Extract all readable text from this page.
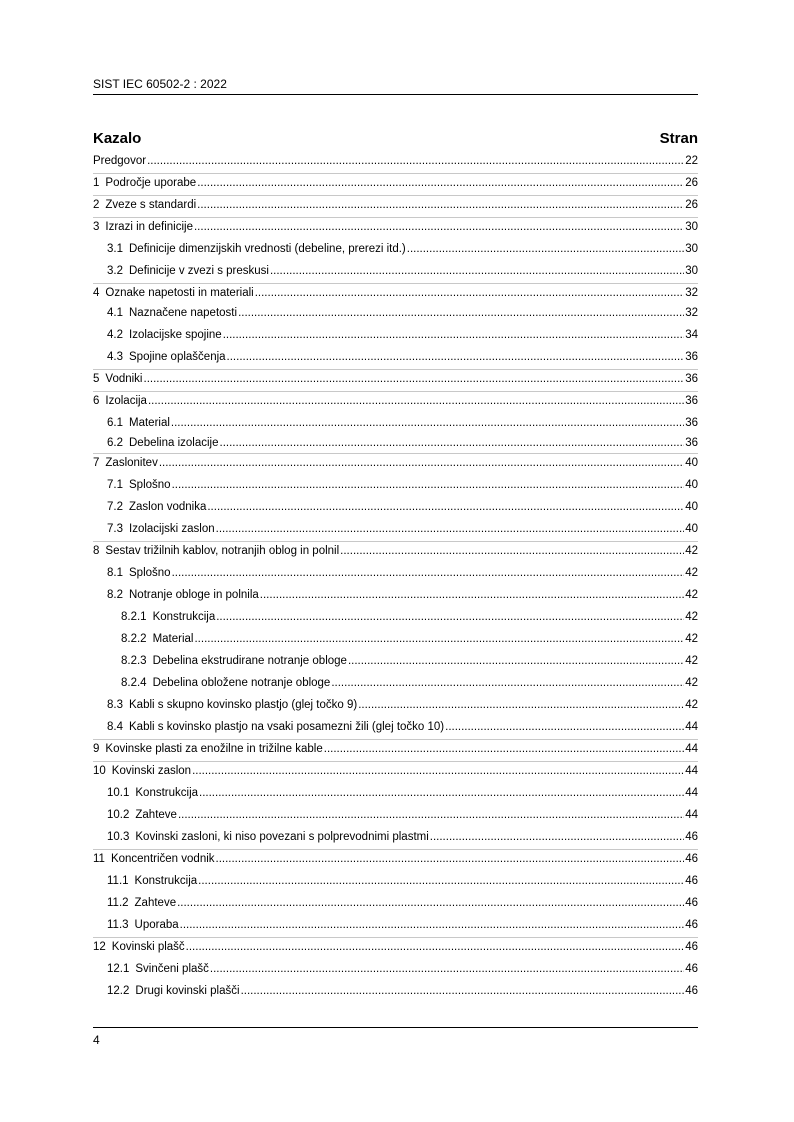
SIST IEC 60502-2 : 2022
Kazalo	Stran
Predgovor .....	22
1 Področje uporabe .....	26
2 Zveze s standardi .....	26
3 Izrazi in definicije .....	30
3.1 Definicije dimenzijskih vrednosti (debeline, prerezi itd.) .....	30
3.2 Definicije v zvezi s preskusi .....	30
4 Oznake napetosti in materiali .....	32
4.1 Naznačene napetosti .....	32
4.2 Izolacijske spojine .....	34
4.3 Spojine oplaščenja .....	36
5 Vodniki .....	36
6 Izolacija .....	36
6.1 Material .....	36
6.2 Debelina izolacije .....	36
7 Zaslonitev .....	40
7.1 Splošno .....	40
7.2 Zaslon vodnika .....	40
7.3 Izolacijski zaslon .....	40
8 Sestav trižilnih kablov, notranjih oblog in polnil .....	42
8.1 Splošno .....	42
8.2 Notranje obloge in polnila .....	42
8.2.1 Konstrukcija .....	42
8.2.2 Material .....	42
8.2.3 Debelina ekstrudirane notranje obloge .....	42
8.2.4 Debelina obložene notranje obloge .....	42
8.3 Kabli s skupno kovinsko plastjo (glej točko 9) .....	42
8.4 Kabli s kovinsko plastjo na vsaki posamezni žili (glej točko 10) .....	44
9 Kovinske plasti za enožilne in trižilne kable .....	44
10 Kovinski zaslon .....	44
10.1 Konstrukcija .....	44
10.2 Zahteve .....	44
10.3 Kovinski zasloni, ki niso povezani s polprevodnimi plastmi .....	46
11 Koncentričen vodnik .....	46
11.1 Konstrukcija .....	46
11.2 Zahteve .....	46
11.3 Uporaba .....	46
12 Kovinski plašč .....	46
12.1 Svinčeni plašč .....	46
12.2 Drugi kovinski plašči .....	46
4
